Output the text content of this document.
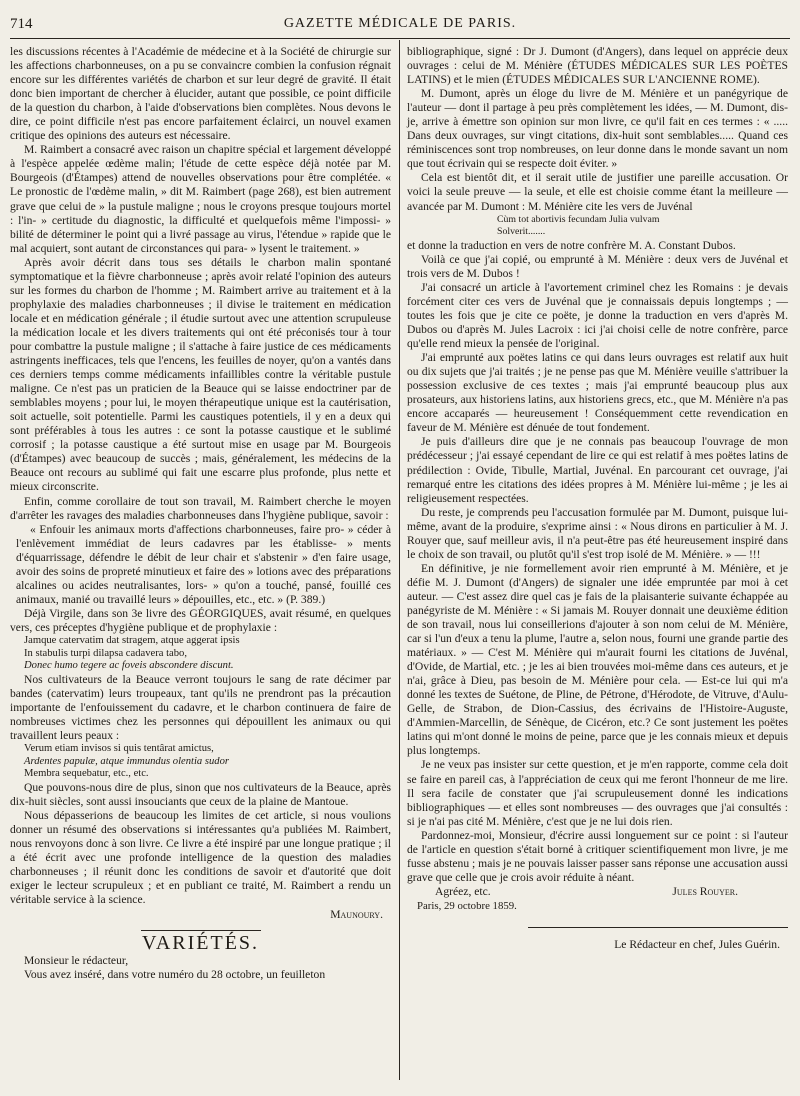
714	GAZETTE MÉDICALE DE PARIS.

les discussions récentes à l'Académie de médecine et à la Société de chirurgie sur les affections charbonneuses, on a pu se convaincre combien la confusion régnait encore sur les différentes variétés de charbon et sur leur degré de gravité. Il était donc bien important de chercher à élucider, autant que possible, ce point difficile de la question du charbon, à l'aide d'observations bien complètes. Nous devons le dire, ce point difficile n'est pas encore parfaitement éclairci, un nouvel examen critique des opinions des auteurs est nécessaire.

M. Raimbert a consacré avec raison un chapitre spécial et largement développé à l'espèce appelée œdème malin; l'étude de cette espèce déjà notée par M. Bourgeois (d'Étampes) attend de nouvelles observations pour être complétée. « Le pronostic de l'œdème malin, » dit M. Raimbert (page 268), est bien autrement grave que celui de » la pustule maligne ; nous le croyons presque toujours mortel : l'in- » certitude du diagnostic, la difficulté et quelquefois même l'impossi- » bilité de déterminer le point qui a livré passage au virus, l'étendue » rapide que le mal acquiert, sont autant de circonstances qui para- » lysent le traitement. »

Après avoir décrit dans tous ses détails le charbon malin spontané symptomatique et la fièvre charbonneuse ; après avoir relaté l'opinion des auteurs sur les formes du charbon de l'homme ; M. Raimbert arrive au traitement et à la prophylaxie des maladies charbonneuses ; il divise le traitement en médication locale et en médication générale ; il étudie surtout avec une attention scrupuleuse la médication locale et les divers traitements qui ont été préconisés tour à tour pour combattre la pustule maligne ; il s'attache à faire justice de ces médicaments astringents inefficaces, tels que l'encens, les feuilles de noyer, qu'on a vantés dans ces derniers temps comme médicaments infaillibles contre la véritable pustule maligne. Ce n'est pas un praticien de la Beauce qui se laisse endoctriner par de semblables moyens ; pour lui, le moyen thérapeutique unique est la cautérisation, soit actuelle, soit potentielle. Parmi les caustiques potentiels, il y en a deux qui sont préférables à tous les autres : ce sont la potasse caustique et le sublimé corrosif ; la potasse caustique a été surtout mise en usage par M. Bourgeois (d'Étampes) avec beaucoup de succès ; mais, généralement, les médecins de la Beauce ont recours au sublimé qui fait une escarre plus profonde, plus nette et mieux circonscrite.

Enfin, comme corollaire de tout son travail, M. Raimbert cherche le moyen d'arrêter les ravages des maladies charbonneuses dans l'hygiène publique, savoir :

« Enfouir les animaux morts d'affections charbonneuses, faire pro- » céder à l'enlèvement immédiat de leurs cadavres par les établisse- » ments d'équarrissage, défendre le débit de leur chair et s'abstenir » d'en faire usage, avoir des soins de propreté minutieux et faire des » lotions avec des préparations alcalines ou acides neutralisantes, lors- » qu'on a touché, pansé, fouillé ces animaux, manié ou travaillé leurs » dépouilles, etc., etc. » (P. 389.)

Déjà Virgile, dans son 3e livre des GÉORGIQUES, avait résumé, en quelques vers, ces préceptes d'hygiène publique et de prophylaxie :

Jamque catervatim dat stragem, atque aggerat ipsis
In stabulis turpi dilapsa cadavera tabo,
Donec humo tegere ac foveis abscondere discunt.

Nos cultivateurs de la Beauce verront toujours le sang de rate décimer par bandes (catervatim) leurs troupeaux, tant qu'ils ne prendront pas la précaution importante de l'enfouissement du cadavre, et le charbon continuera de faire de nombreuses victimes chez les personnes qui dépouillent les animaux ou qui travaillent leurs peaux :

Verum etiam invisos si quis tentârat amictus,
Ardentes papulæ, atque immundus olentia sudor
Membra sequebatur, etc., etc.

Que pouvons-nous dire de plus, sinon que nos cultivateurs de la Beauce, après dix-huit siècles, sont aussi insouciants que ceux de la plaine de Mantoue.

Nous dépasserions de beaucoup les limites de cet article, si nous voulions donner un résumé des observations si intéressantes qu'a publiées M. Raimbert, nous renvoyons donc à son livre. Ce livre a été inspiré par une longue pratique ; il a été écrit avec une profonde intelligence de la question des maladies charbonneuses ; il réunit donc les conditions de savoir et d'autorité que doit exiger le lecteur scrupuleux ; et en publiant ce traité, M. Raimbert a rendu un véritable service à la science.

Maunoury.
VARIÉTÉS.

Monsieur le rédacteur,

Vous avez inséré, dans votre numéro du 28 octobre, un feuilleton

bibliographique, signé : Dr J. Dumont (d'Angers), dans lequel on apprécie deux ouvrages : celui de M. Ménière (ÉTUDES MÉDICALES SUR LES POÈTES LATINS) et le mien (ÉTUDES MÉDICALES SUR L'ANCIENNE ROME).

M. Dumont, après un éloge du livre de M. Ménière et un panégyrique de l'auteur — dont il partage à peu près complètement les idées, — M. Dumont, dis-je, arrive à émettre son opinion sur mon livre, ce qu'il fait en ces termes : « ..... Dans deux ouvrages, sur vingt citations, dix-huit sont semblables..... Quand ces réminiscences sont trop nombreuses, on leur donne dans le monde savant un nom que tout écrivain qui se respecte doit éviter. »

Cela est bientôt dit, et il serait utile de justifier une pareille accusation. Or voici la seule preuve — la seule, et elle est choisie comme étant la meilleure — avancée par M. Dumont : M. Ménière cite les vers de Juvénal

Cùm tot abortivis fecundam Julia vulvam
Solverit.......

et donne la traduction en vers de notre confrère M. A. Constant Dubos.

Voilà ce que j'ai copié, ou emprunté à M. Ménière : deux vers de Juvénal et trois vers de M. Dubos !

J'ai consacré un article à l'avortement criminel chez les Romains : je devais forcément citer ces vers de Juvénal que je connaissais depuis longtemps ; — toutes les fois que je cite ce poëte, je donne la traduction en vers d'après M. Dubos ou d'après M. Jules Lacroix : ici j'ai choisi celle de notre confrère, parce qu'elle rend mieux la pensée de l'original.

J'ai emprunté aux poëtes latins ce qui dans leurs ouvrages est relatif aux huit ou dix sujets que j'ai traités ; je ne pense pas que M. Ménière veuille s'attribuer la possession exclusive de ces textes ; mais j'ai emprunté beaucoup plus aux prosateurs, aux historiens latins, aux historiens grecs, etc., que M. Ménière n'a pas encore accaparés — heureusement ! Conséquemment cette revendication en faveur de M. Ménière est dénuée de tout fondement.

Je puis d'ailleurs dire que je ne connais pas beaucoup l'ouvrage de mon prédécesseur ; j'ai essayé cependant de lire ce qui est relatif à mes poëtes latins de prédilection : Ovide, Tibulle, Martial, Juvénal. En parcourant cet ouvrage, j'ai remarqué entre les citations des idées propres à M. Ménière lui-même ; je les ai religieusement respectées.

Du reste, je comprends peu l'accusation formulée par M. Dumont, puisque lui-même, avant de la produire, s'exprime ainsi : « Nous dirons en particulier à M. J. Rouyer que, sauf meilleur avis, il n'a peut-être pas été heureusement inspiré dans le choix de son travail, ou plutôt qu'il s'est trop isolé de M. Ménière. » — !!!

En définitive, je nie formellement avoir rien emprunté à M. Ménière, et je défie M. J. Dumont (d'Angers) de signaler une idée empruntée par moi à cet auteur. — C'est assez dire quel cas je fais de la plaisanterie suivante échappée au panégyriste de M. Ménière : « Si jamais M. Rouyer donnait une deuxième édition de son travail, nous lui conseillerions d'ajouter à son nom celui de M. Ménière, car si l'un d'eux a tenu la plume, l'autre a, selon nous, fourni une grande partie des matériaux. » — C'est M. Ménière qui m'aurait fourni les citations de Juvénal, d'Ovide, de Martial, etc. ; je les ai bien trouvées moi-même dans ces auteurs, et je n'ai, grâce à Dieu, pas besoin de M. Ménière pour cela. — Est-ce lui qui m'a donné les textes de Suétone, de Pline, de Pétrone, d'Hérodote, de Vitruve, d'Aulu-Gelle, de Strabon, de Dion-Cassius, des écrivains de l'Histoire-Auguste, d'Ammien-Marcellin, de Sénèque, de Cicéron, etc.? Ce sont justement les poëtes latins qui m'ont donné le moins de peine, parce que je les connais mieux et depuis plus longtemps.

Je ne veux pas insister sur cette question, et je m'en rapporte, comme cela doit se faire en pareil cas, à l'appréciation de ceux qui me feront l'honneur de me lire. Il sera facile de constater que j'ai scrupuleusement donné les indications bibliographiques — et elles sont nombreuses — des ouvrages que j'ai consultés : si je n'ai pas cité M. Ménière, c'est que je ne lui dois rien.

Pardonnez-moi, Monsieur, d'écrire aussi longuement sur ce point : si l'auteur de l'article en question s'était borné à critiquer scientifiquement mon livre, je me fusse abstenu ; mais je ne pouvais laisser passer sans réponse une accusation aussi grave que celle que je crois avoir réduite à néant.

Agréez, etc.	Jules Rouyer.
Paris, 29 octobre 1859.
Le Rédacteur en chef, Jules Guérin.
